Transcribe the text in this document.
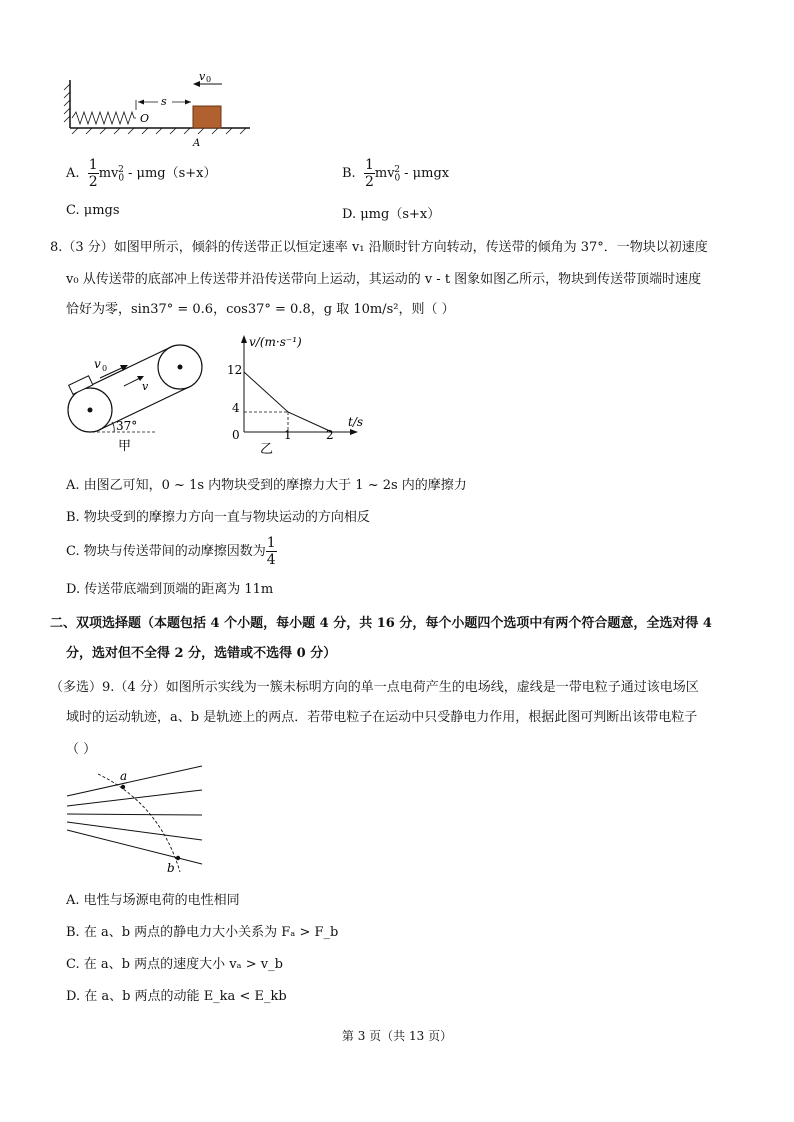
s
v 0
O
A
A. $\frac{1}{2} mv_0^2 - \mu mg(s+x)$	B. $\frac{1}{2} mv_0^2$ - μmgx
C. μmgs	D. μmg（s+x）
8.（3 分）如图甲所示，倾斜的传送带正以恒定速率 v₁ 沿顺时针方向转动，传送带的倾角为 37°．一物块以初速度
v₀ 从传送带的底部冲上传送带并沿传送带向上运动，其运动的 v - t 图象如图乙所示，物块到传送带顶端时速度
恰好为零，sin37° = 0.6，cos37° = 0.8，g 取 10m/s²，则（ ）
v 0
v
37°
甲
v/(m·s⁻¹)
t/s
12
4
0	1	2
乙
A. 由图乙可知，0 ~ 1s 内物块受到的摩擦力大于 1 ~ 2s 内的摩擦力
B. 物块受到的摩擦力方向一直与物块运动的方向相反
C. 物块与传送带间的动摩擦因数为 $\frac{1}{4}$
D. 传送带底端到顶端的距离为 11m
二、双项选择题（本题包括 4 个小题，每小题 4 分，共 16 分，每个小题四个选项中有两个符合题意，全选对得 4
分，选对但不全得 2 分，选错或不选得 0 分）
（多选）9.（4 分）如图所示实线为一簇未标明方向的单一点电荷产生的电场线，虚线是一带电粒子通过该电场区
域时的运动轨迹，a、b 是轨迹上的两点．若带电粒子在运动中只受静电力作用，根据此图可判断出该带电粒子
（ ）
a
b
A. 电性与场源电荷的电性相同
B. 在 a、b 两点的静电力大小关系为 Fₐ > F_b
C. 在 a、b 两点的速度大小 vₐ > v_b
D. 在 a、b 两点的动能 E_ka < E_kb
第 3 页（共 13 页）
